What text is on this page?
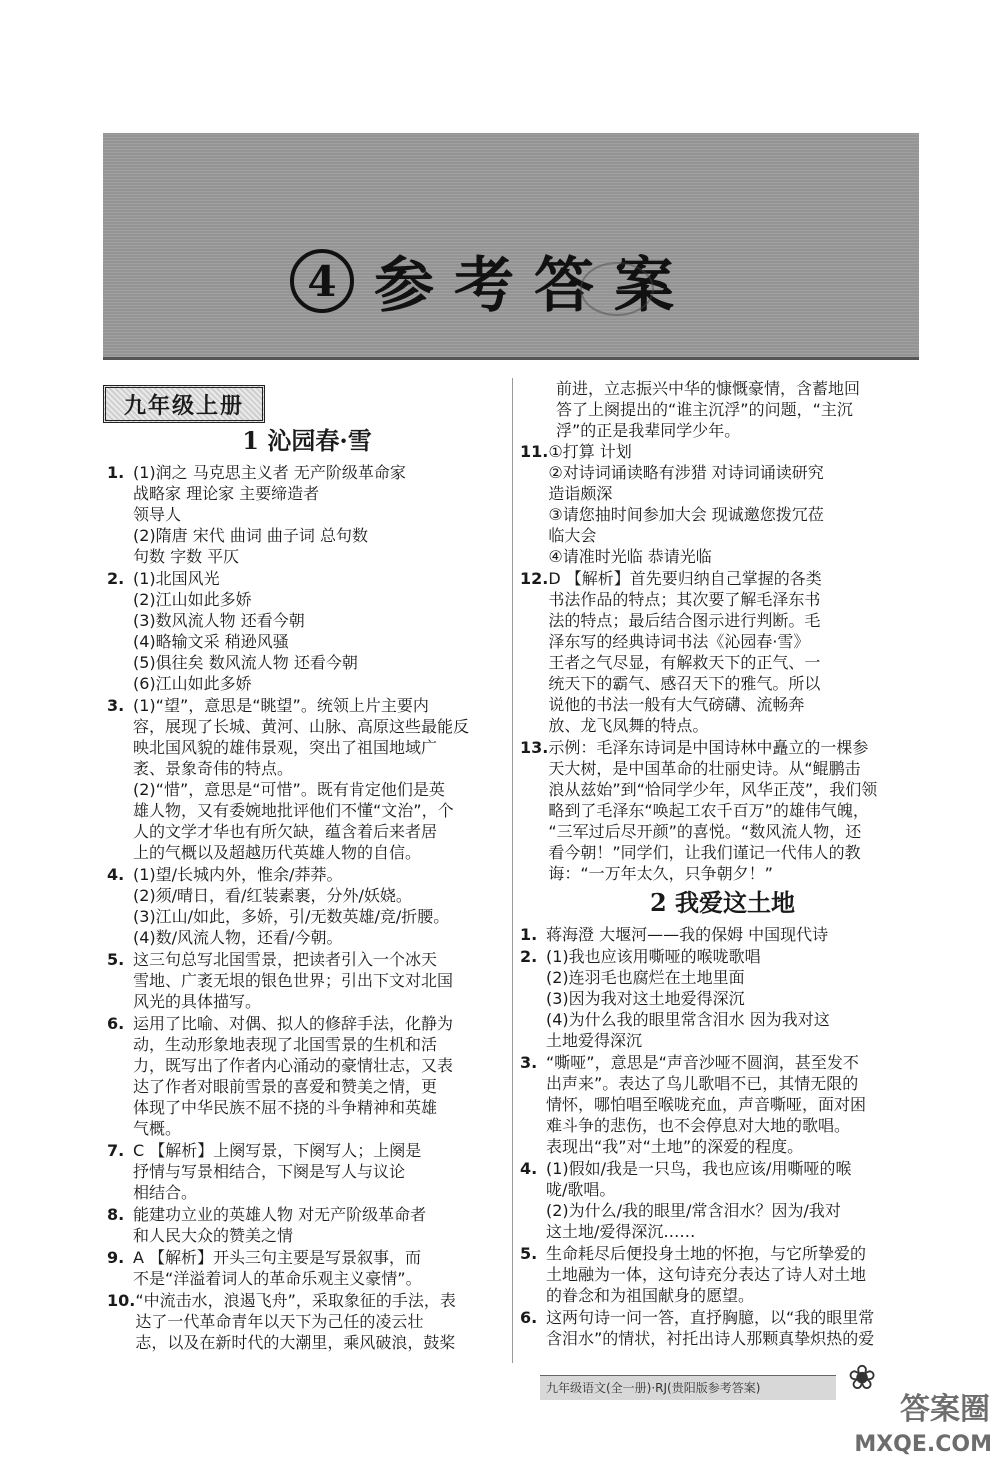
4 参考答案
九年级上册
1 沁园春·雪
1. (1)润之 马克思主义者 无产阶级革命家
战略家 理论家 主要缔造者
领导人
(2)隋唐 宋代 曲词 曲子词 总句数
句数 字数 平仄
2. (1)北国风光
(2)江山如此多娇
(3)数风流人物 还看今朝
(4)略输文采 稍逊风骚
(5)俱往矣 数风流人物 还看今朝
(6)江山如此多娇
3. (1)“望”，意思是“眺望”。统领上片主要内
容，展现了长城、黄河、山脉、高原这些最能反
映北国风貌的雄伟景观，突出了祖国地域广
袤、景象奇伟的特点。
(2)“惜”，意思是“可惜”。既有肯定他们是英
雄人物，又有委婉地批评他们不懂“文治”，个
人的文学才华也有所欠缺，蕴含着后来者居
上的气概以及超越历代英雄人物的自信。
4. (1)望/长城内外，惟余/莽莽。
(2)须/晴日，看/红装素裹，分外/妖娆。
(3)江山/如此，多娇，引/无数英雄/竞/折腰。
(4)数/风流人物，还看/今朝。
5. 这三句总写北国雪景，把读者引入一个冰天
雪地、广袤无垠的银色世界；引出下文对北国
风光的具体描写。
6. 运用了比喻、对偶、拟人的修辞手法，化静为
动，生动形象地表现了北国雪景的生机和活
力，既写出了作者内心涌动的豪情壮志，又表
达了作者对眼前雪景的喜爱和赞美之情，更
体现了中华民族不屈不挠的斗争精神和英雄
气概。
7. C 【解析】上阕写景，下阕写人；上阕是
抒情与写景相结合，下阕是写人与议论
相结合。
8. 能建功立业的英雄人物 对无产阶级革命者
和人民大众的赞美之情
9. A 【解析】开头三句主要是写景叙事，而
不是“洋溢着词人的革命乐观主义豪情”。
10. “中流击水，浪遏飞舟”，采取象征的手法，表
达了一代革命青年以天下为己任的凌云壮
志，以及在新时代的大潮里，乘风破浪，鼓桨
前进，立志振兴中华的慷慨豪情，含蓄地回
答了上阕提出的“谁主沉浮”的问题，“主沉
浮”的正是我辈同学少年。
11. ①打算 计划
②对诗词诵读略有涉猎 对诗词诵读研究
造诣颇深
③请您抽时间参加大会 现诚邀您拨冗莅
临大会
④请准时光临 恭请光临
12. D 【解析】首先要归纳自己掌握的各类
书法作品的特点；其次要了解毛泽东书
法的特点；最后结合图示进行判断。毛
泽东写的经典诗词书法《沁园春·雪》
王者之气尽显，有解救天下的正气、一
统天下的霸气、感召天下的雅气。所以
说他的书法一般有大气磅礴、流畅奔
放、龙飞凤舞的特点。
13. 示例：毛泽东诗词是中国诗林中矗立的一棵参
天大树，是中国革命的壮丽史诗。从“鲲鹏击
浪从兹始”到“恰同学少年，风华正茂”，我们领
略到了毛泽东“唤起工农千百万”的雄伟气魄，
“三军过后尽开颜”的喜悦。“数风流人物，还
看今朝！”同学们，让我们谨记一代伟人的教
诲：“一万年太久，只争朝夕！”
2 我爱这土地
1. 蒋海澄 大堰河——我的保姆 中国现代诗
2. (1)我也应该用嘶哑的喉咙歌唱
(2)连羽毛也腐烂在土地里面
(3)因为我对这土地爱得深沉
(4)为什么我的眼里常含泪水 因为我对这
土地爱得深沉
3. “嘶哑”，意思是“声音沙哑不圆润，甚至发不
出声来”。表达了鸟儿歌唱不已，其情无限的
情怀，哪怕唱至喉咙充血，声音嘶哑，面对困
难斗争的悲伤，也不会停息对大地的歌唱。
表现出“我”对“土地”的深爱的程度。
4. (1)假如/我是一只鸟，我也应该/用嘶哑的喉
咙/歌唱。
(2)为什么/我的眼里/常含泪水？因为/我对
这土地/爱得深沉……
5. 生命耗尽后便投身土地的怀抱，与它所挚爱的
土地融为一体，这句诗充分表达了诗人对土地
的眷念和为祖国献身的愿望。
6. 这两句诗一问一答，直抒胸臆，以“我的眼里常
含泪水”的情状，衬托出诗人那颗真挚炽热的爱
九年级语文(全一册)·RJ(贵阳版参考答案)	❀
答案圈
MXQE.COM
